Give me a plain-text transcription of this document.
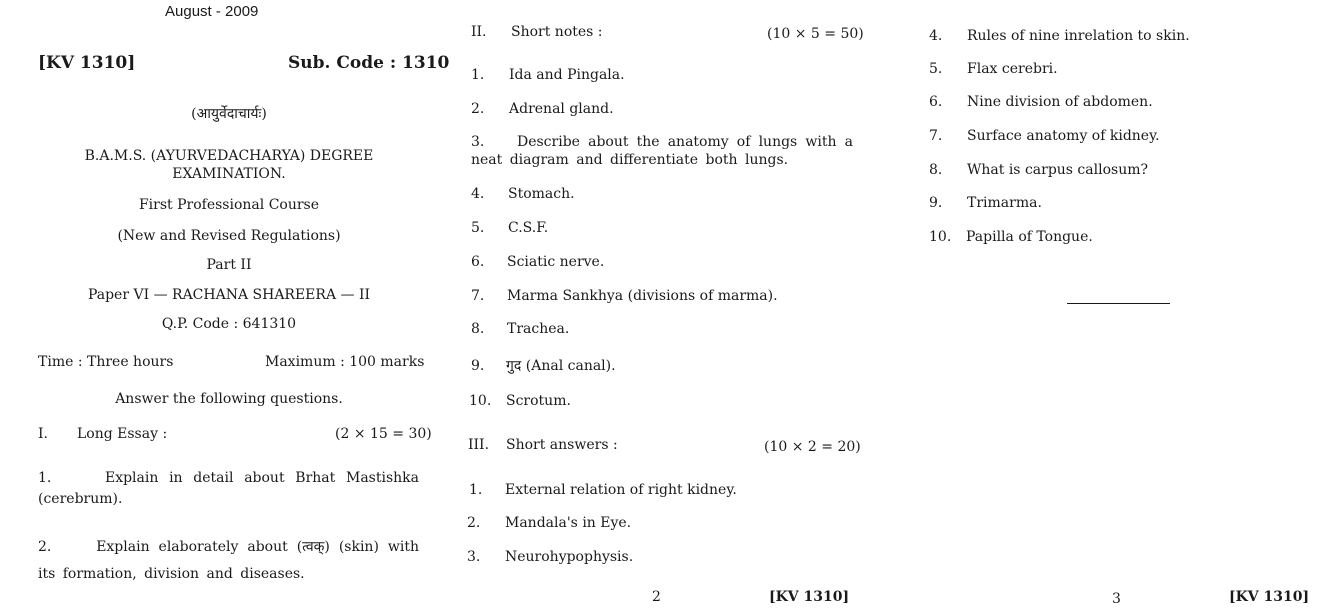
August - 2009
[KV 1310]	Sub. Code : 1310
(आयुर्वेदाचार्यः)
B.A.M.S. (AYURVEDACHARYA) DEGREE
EXAMINATION.
First Professional Course
(New and Revised Regulations)
Part II
Paper VI — RACHANA SHAREERA — II
Q.P. Code : 641310
Time : Three hours	Maximum : 100 marks
Answer the following questions.
I. Long Essay :	(2 × 15 = 30)
1.	Explain in detail about Brhat Mastishka (cerebrum).
2.	Explain elaborately about (त्वक्) (skin) with its formation, division and diseases.
II. Short notes :	(10 × 5 = 50)
1. Ida and Pingala.
2. Adrenal gland.
3. Describe about the anatomy of lungs with a neat diagram and differentiate both lungs.
4. Stomach.
5. C.S.F.
6. Sciatic nerve.
7. Marma Sankhya (divisions of marma).
8. Trachea.
9. गुद (Anal canal).
10. Scrotum.
III. Short answers :	(10 × 2 = 20)
1. External relation of right kidney.
2. Mandala's in Eye.
3. Neurohypophysis.
2	[KV 1310]
4. Rules of nine inrelation to skin.
5. Flax cerebri.
6. Nine division of abdomen.
7. Surface anatomy of kidney.
8. What is carpus callosum?
9. Trimarma.
10. Papilla of Tongue.
3	[KV 1310]
